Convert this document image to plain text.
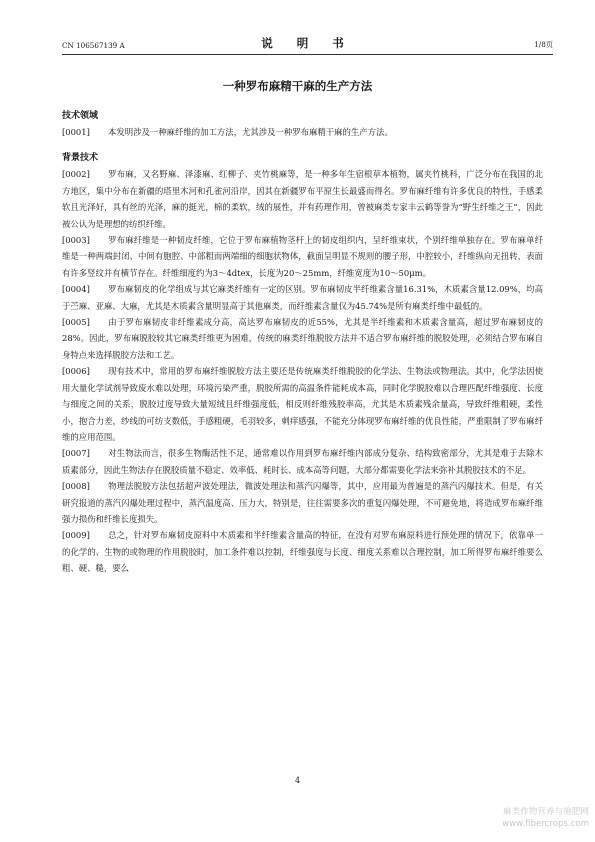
CN 106567139 A	说 明 书	1/8页
一种罗布麻精干麻的生产方法

技术领域

[0001] 本发明涉及一种麻纤维的加工方法，尤其涉及一种罗布麻精干麻的生产方法。

背景技术

[0002] 罗布麻，又名野麻、泽漆麻、红柳子、夹竹桃麻等，是一种多年生宿根草本植物，属夹竹桃科，广泛分布在我国的北方地区，集中分布在新疆的塔里木河和孔雀河沿岸，因其在新疆罗布平原生长最盛而得名。罗布麻纤维有许多优良的特性，手感柔软且光泽好，具有丝的光泽，麻的挺光，棉的柔软，绒的展性，并有药理作用，曾被麻类专家丰云鹤等誉为“野生纤维之王”，因此被公认为是理想的纺织纤维。

[0003] 罗布麻纤维是一种韧皮纤维，它位于罗布麻植物茎杆上的韧皮组织内，呈纤维束状，个别纤维单独存在。罗布麻单纤维是一种两端封闭、中间有胞腔、中部粗而两端细的细胞状物体，截面呈明显不规则的腰子形，中腔较小，纤维纵向无扭转，表面有许多竖纹并有横节存在。纤维细度约为3～4dtex，长度为20～25mm，纤维宽度为10～50μm。

[0004] 罗布麻韧皮的化学组成与其它麻类纤维有一定的区别。罗布麻韧皮半纤维素含量16.31%，木质素含量12.09%，均高于苎麻、亚麻、大麻，尤其是木质素含量明显高于其他麻类，而纤维素含量仅为45.74%是所有麻类纤维中最低的。

[0005] 由于罗布麻韧皮非纤维素成分高，高达罗布麻韧皮的近55%，尤其是半纤维素和木质素含量高，超过罗布麻韧皮的28%。因此，罗布麻脱胶较其它麻类纤维更为困难，传统的麻类纤维脱胶方法并不适合罗布麻纤维的脱胶处理，必须结合罗布麻自身特点来选择脱胶方法和工艺。

[0006] 现有技术中，常用的罗布麻纤维脱胶方法主要还是传统麻类纤维脱胶的化学法、生物法或物理法。其中，化学法因使用大量化学试剂导致废水难以处理，环境污染严重，脱胶所需的高温条件能耗成本高，同时化学脱胶难以合理匹配纤维强度、长度与细度之间的关系，脱胶过度导致大量短绒且纤维强度低，相反则纤维残胶率高，尤其是木质素残余量高，导致纤维粗硬，柔性小，抱合力差，纱线的可纺支数低，手感粗硬，毛羽较多，刺痒感强，不能充分体现罗布麻纤维的优良性能，严重限制了罗布麻纤维的应用范围。

[0007] 对生物法而言，很多生物酶活性不足，通常难以作用到罗布麻纤维内部成分复杂、结构致密部分，尤其是难于去除木质素部分，因此生物法存在脱胶质量不稳定、效率低、耗时长、成本高等问题，大部分都需要化学法来弥补其脱胶技术的不足。

[0008] 物理法脱胶方法包括超声波处理法，微波处理法和蒸汽闪爆等，其中，应用最为普遍是的蒸汽闪爆技术。但是，有关研究报道的蒸汽闪爆处理过程中，蒸汽温度高、压力大，特别是，往往需要多次的重复闪爆处理，不可避免地，将造成罗布麻纤维强力损伤和纤维长度损失。

[0009] 总之，针对罗布麻韧皮原料中木质素和半纤维素含量高的特征，在没有对罗布麻原料进行预处理的情况下，依靠单一的化学的、生物的或物理的作用脱胶时，加工条件难以控制，纤维强度与长度、细度关系难以合理控制，加工所得罗布麻纤维要么粗、硬、糙，要么

4
麻类作物营养与施肥网
www.fibercrops.com
